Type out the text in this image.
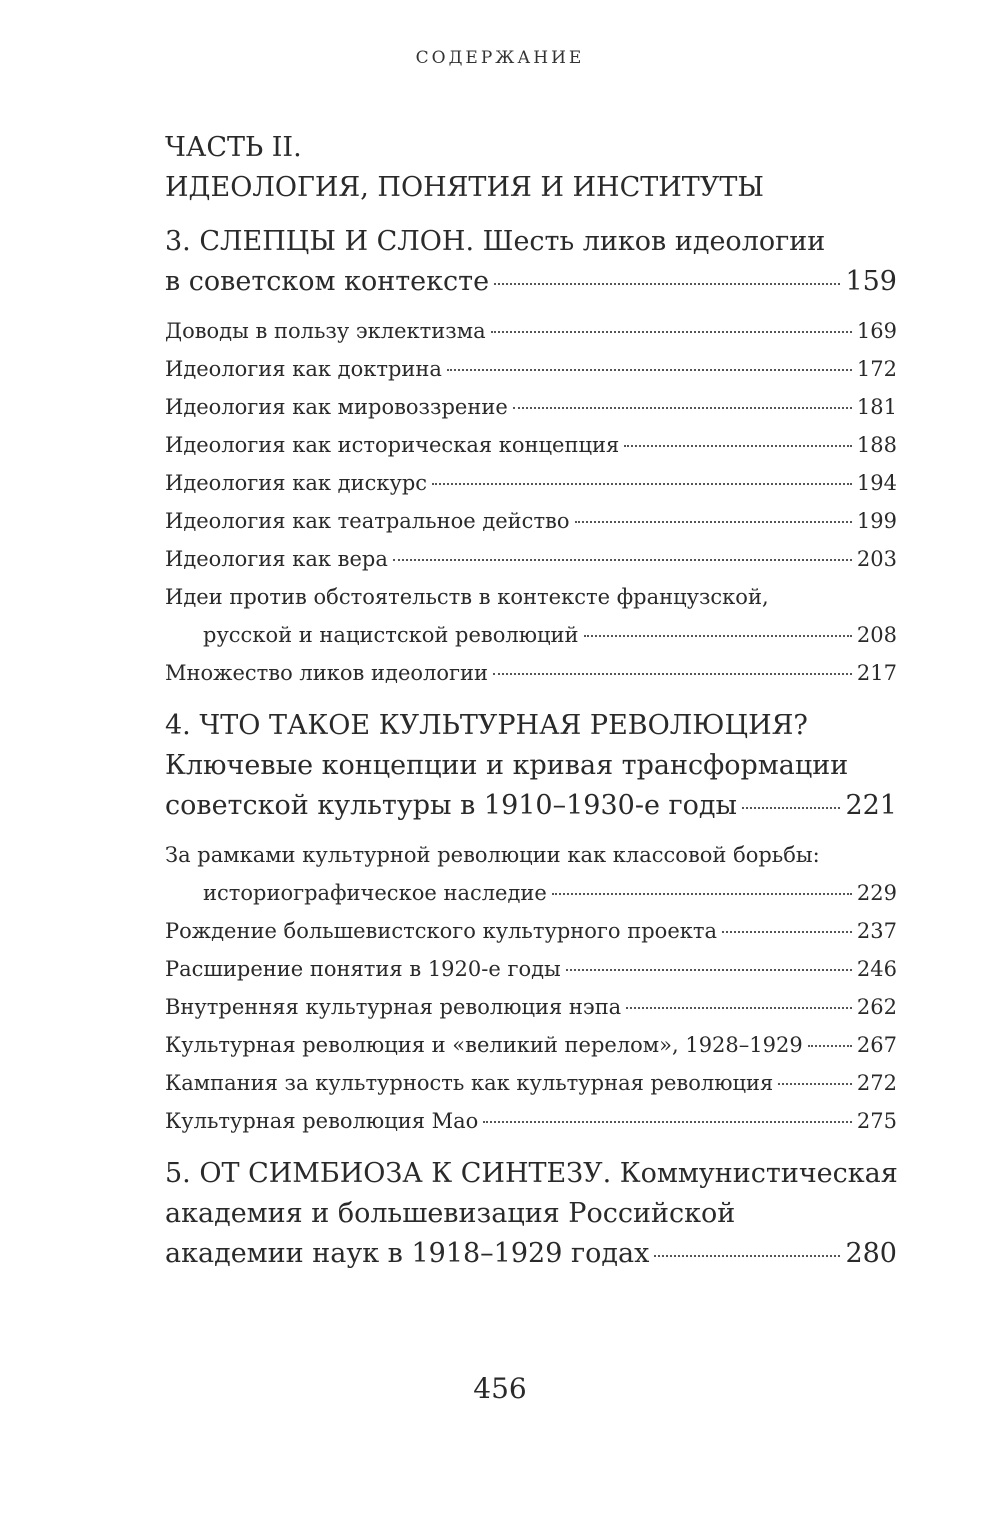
СОДЕРЖАНИЕ
ЧАСТЬ II.
ИДЕОЛОГИЯ, ПОНЯТИЯ И ИНСТИТУТЫ
3. СЛЕПЦЫ И СЛОН. Шесть ликов идеологии
в советском контексте	159
Доводы в пользу эклектизма	169
Идеология как доктрина	172
Идеология как мировоззрение	181
Идеология как историческая концепция	188
Идеология как дискурс	194
Идеология как театральное действо	199
Идеология как вера	203
Идеи против обстоятельств в контексте французской,
русской и нацистской революций	208
Множество ликов идеологии	217
4. ЧТО ТАКОЕ КУЛЬТУРНАЯ РЕВОЛЮЦИЯ?
Ключевые концепции и кривая трансформации
советской культуры в 1910–1930-е годы	221
За рамками культурной революции как классовой борьбы:
историографическое наследие	229
Рождение большевистского культурного проекта	237
Расширение понятия в 1920-е годы	246
Внутренняя культурная революция нэпа	262
Культурная революция и «великий перелом», 1928–1929	267
Кампания за культурность как культурная революция	272
Культурная революция Мао	275
5. ОТ СИМБИОЗА К СИНТЕЗУ. Коммунистическая
академия и большевизация Российской
академии наук в 1918–1929 годах	280
456
